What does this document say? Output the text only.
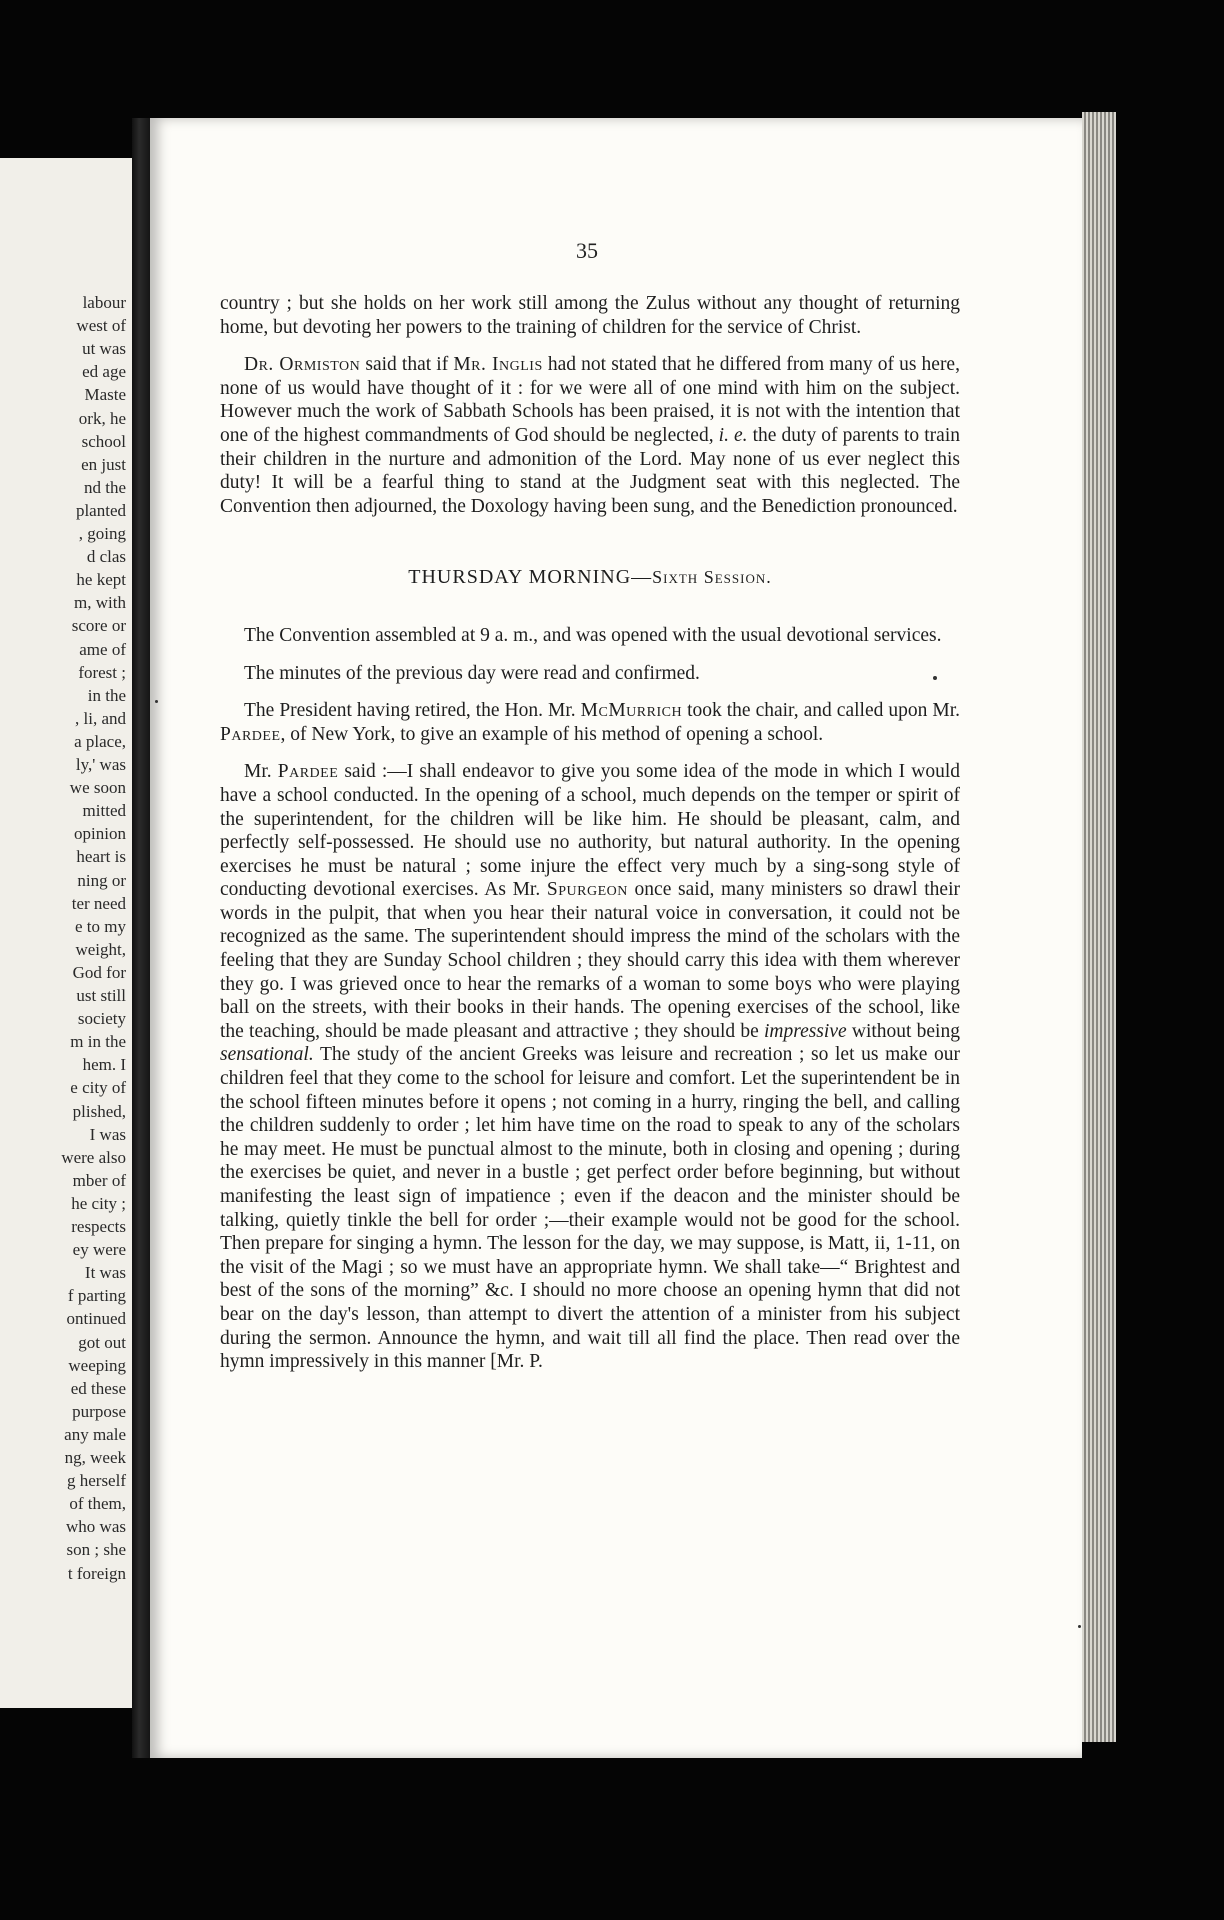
labour
west of
ut was
ed age
Maste
ork, he
school
en just
nd the
planted
, going
d clas
he kept
m, with
score or
ame of
forest ;
in the
, li, and
a place,
ly,' was
we soon
mitted
opinion
heart is
ning or
ter need
e to my
weight,
God for
ust still
society
m in the
hem. I
e city of
plished,
I was
were also
mber of
he city ;
respects
ey were
It was
f parting
ontinued
got out
weeping
ed these
purpose
any male
ng, week
g herself
of them,
who was
son ; she
t foreign
35

country ; but she holds on her work still among the Zulus without any thought of returning home, but devoting her powers to the training of children for the service of Christ.

Dr. Ormiston said that if Mr. Inglis had not stated that he differed from many of us here, none of us would have thought of it : for we were all of one mind with him on the subject. However much the work of Sabbath Schools has been praised, it is not with the intention that one of the highest commandments of God should be neglected, i. e. the duty of parents to train their children in the nurture and admonition of the Lord. May none of us ever neglect this duty! It will be a fearful thing to stand at the Judgment seat with this neglected. The Convention then adjourned, the Doxology having been sung, and the Benediction pronounced.

THURSDAY MORNING—Sixth Session.

The Convention assembled at 9 a. m., and was opened with the usual devotional services.

The minutes of the previous day were read and confirmed.

The President having retired, the Hon. Mr. McMurrich took the chair, and called upon Mr. Pardee, of New York, to give an example of his method of opening a school.

Mr. Pardee said :—I shall endeavor to give you some idea of the mode in which I would have a school conducted. In the opening of a school, much depends on the temper or spirit of the superintendent, for the children will be like him. He should be pleasant, calm, and perfectly self-possessed. He should use no authority, but natural authority. In the opening exercises he must be natural ; some injure the effect very much by a sing-song style of conducting devotional exercises. As Mr. Spurgeon once said, many ministers so drawl their words in the pulpit, that when you hear their natural voice in conversation, it could not be recognized as the same. The superintendent should impress the mind of the scholars with the feeling that they are Sunday School children ; they should carry this idea with them wherever they go. I was grieved once to hear the remarks of a woman to some boys who were playing ball on the streets, with their books in their hands. The opening exercises of the school, like the teaching, should be made pleasant and attractive ; they should be impressive without being sensational. The study of the ancient Greeks was leisure and recreation ; so let us make our children feel that they come to the school for leisure and comfort. Let the superintendent be in the school fifteen minutes before it opens ; not coming in a hurry, ringing the bell, and calling the children suddenly to order ; let him have time on the road to speak to any of the scholars he may meet. He must be punctual almost to the minute, both in closing and opening ; during the exercises be quiet, and never in a bustle ; get perfect order before beginning, but without manifesting the least sign of impatience ; even if the deacon and the minister should be talking, quietly tinkle the bell for order ;—their example would not be good for the school. Then prepare for singing a hymn. The lesson for the day, we may suppose, is Matt, ii, 1-11, on the visit of the Magi ; so we must have an appropriate hymn. We shall take—“ Brightest and best of the sons of the morning” &c. I should no more choose an opening hymn that did not bear on the day's lesson, than attempt to divert the attention of a minister from his subject during the sermon. Announce the hymn, and wait till all find the place. Then read over the hymn impressively in this manner [Mr. P.
